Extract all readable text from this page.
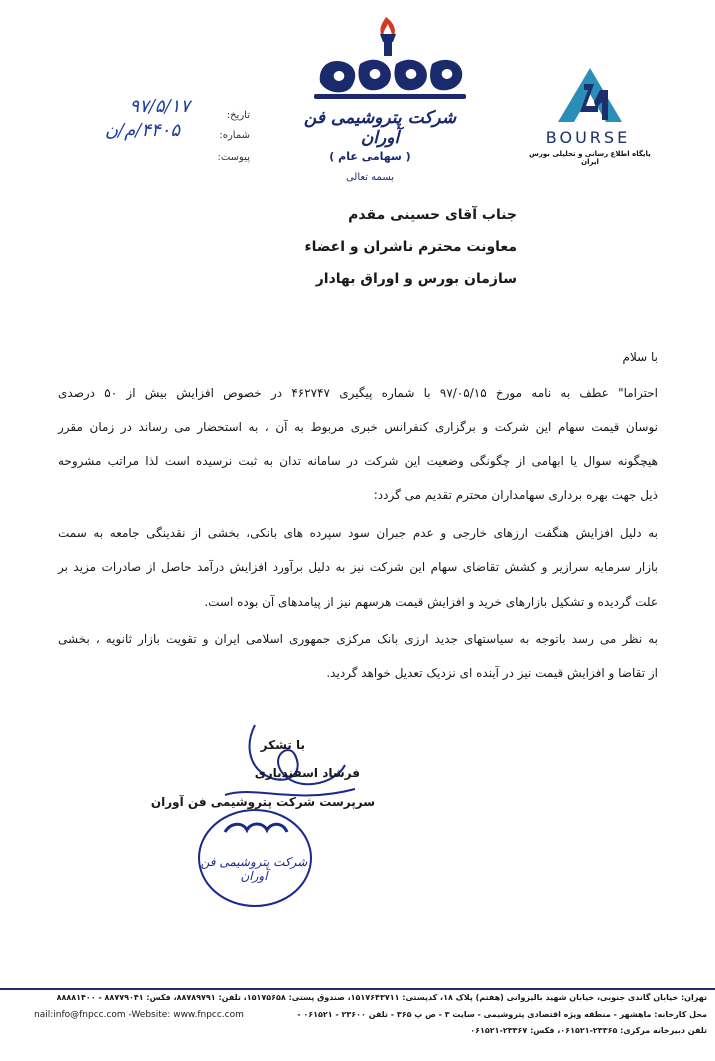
شرکت پتروشیمی فن آوران
( سهامی عام )
بسمه تعالی
BOURSE
پایگاه اطلاع رسانی و تحلیلی بورس ایران
تاریخ:
شماره:
پیوست:
۹۷/۵/۱۷
۴۴۰۵/م/ن
جناب آقای حسینی مقدم
معاونت محترم ناشران و اعضاء
سازمان بورس و اوراق بهادار
با سلام
احتراما" عطف به نامه مورخ ۹۷/۰۵/۱۵ با شماره پیگیری ۴۶۲۷۴۷ در خصوص افزایش بیش از ۵۰ درصدی
نوسان قیمت سهام این شرکت و برگزاری کنفرانس خبری مربوط به آن ، به استحضار می رساند در زمان مقرر
هیچگونه سوال یا ابهامی از چگونگی وضعیت این شرکت در سامانه تدان به ثبت نرسیده است لذا مراتب مشروحه
ذیل جهت بهره برداری سهامداران محترم تقدیم می گردد:
به دلیل افزایش هنگفت ارزهای خارجی و عدم جبران سود سپرده های بانکی، بخشی از نقدینگی جامعه به سمت
بازار سرمایه سرازیر و کشش تقاضای سهام این شرکت نیز به دلیل برآورد افزایش درآمد حاصل از صادرات مزید بر
علت گردیده و تشکیل بازارهای خرید و افزایش قیمت هرسهم نیز از پیامدهای آن بوده است.
به نظر می رسد باتوجه به سیاستهای جدید ارزی بانک مرکزی جمهوری اسلامی ایران و تقویت بازار ثانویه ، بخشی
از تقاضا و افزایش قیمت نیز در آینده ای نزدیک تعدیل خواهد گردید.
با تشکر
فرشاد اسفندیاری
سرپرست شرکت پتروشیمی فن آوران
شرکت پتروشیمی فن آوران
تهران: خیابان گاندی جنوبی، خیابان شهید بالیزوانی (هفتم) پلاک ۱۸، کدپستی: ۱۵۱۷۶۴۳۷۱۱، صندوق پستی: ۱۵۱۷۵۶۵۸، تلفن: ۸۸۷۸۹۷۹۱، فکس: ۸۸۷۷۹۰۴۱ - ۸۸۸۸۱۴۰۰
محل کارخانه: ماهشهر - منطقه ویژه اقتصادی پتروشیمی - سایت ۳ - ص پ ۳۶۵ - تلفن ۲۳۶۰۰ - ۰۶۱۵۲۱ -
nail:info@fnpcc.com -Website: www.fnpcc.com
تلفن دبیرخانه مرکزی: ۲۳۳۶۵-۰۶۱۵۲۱، فکس: ۲۳۳۶۷-۰۶۱۵۲۱
